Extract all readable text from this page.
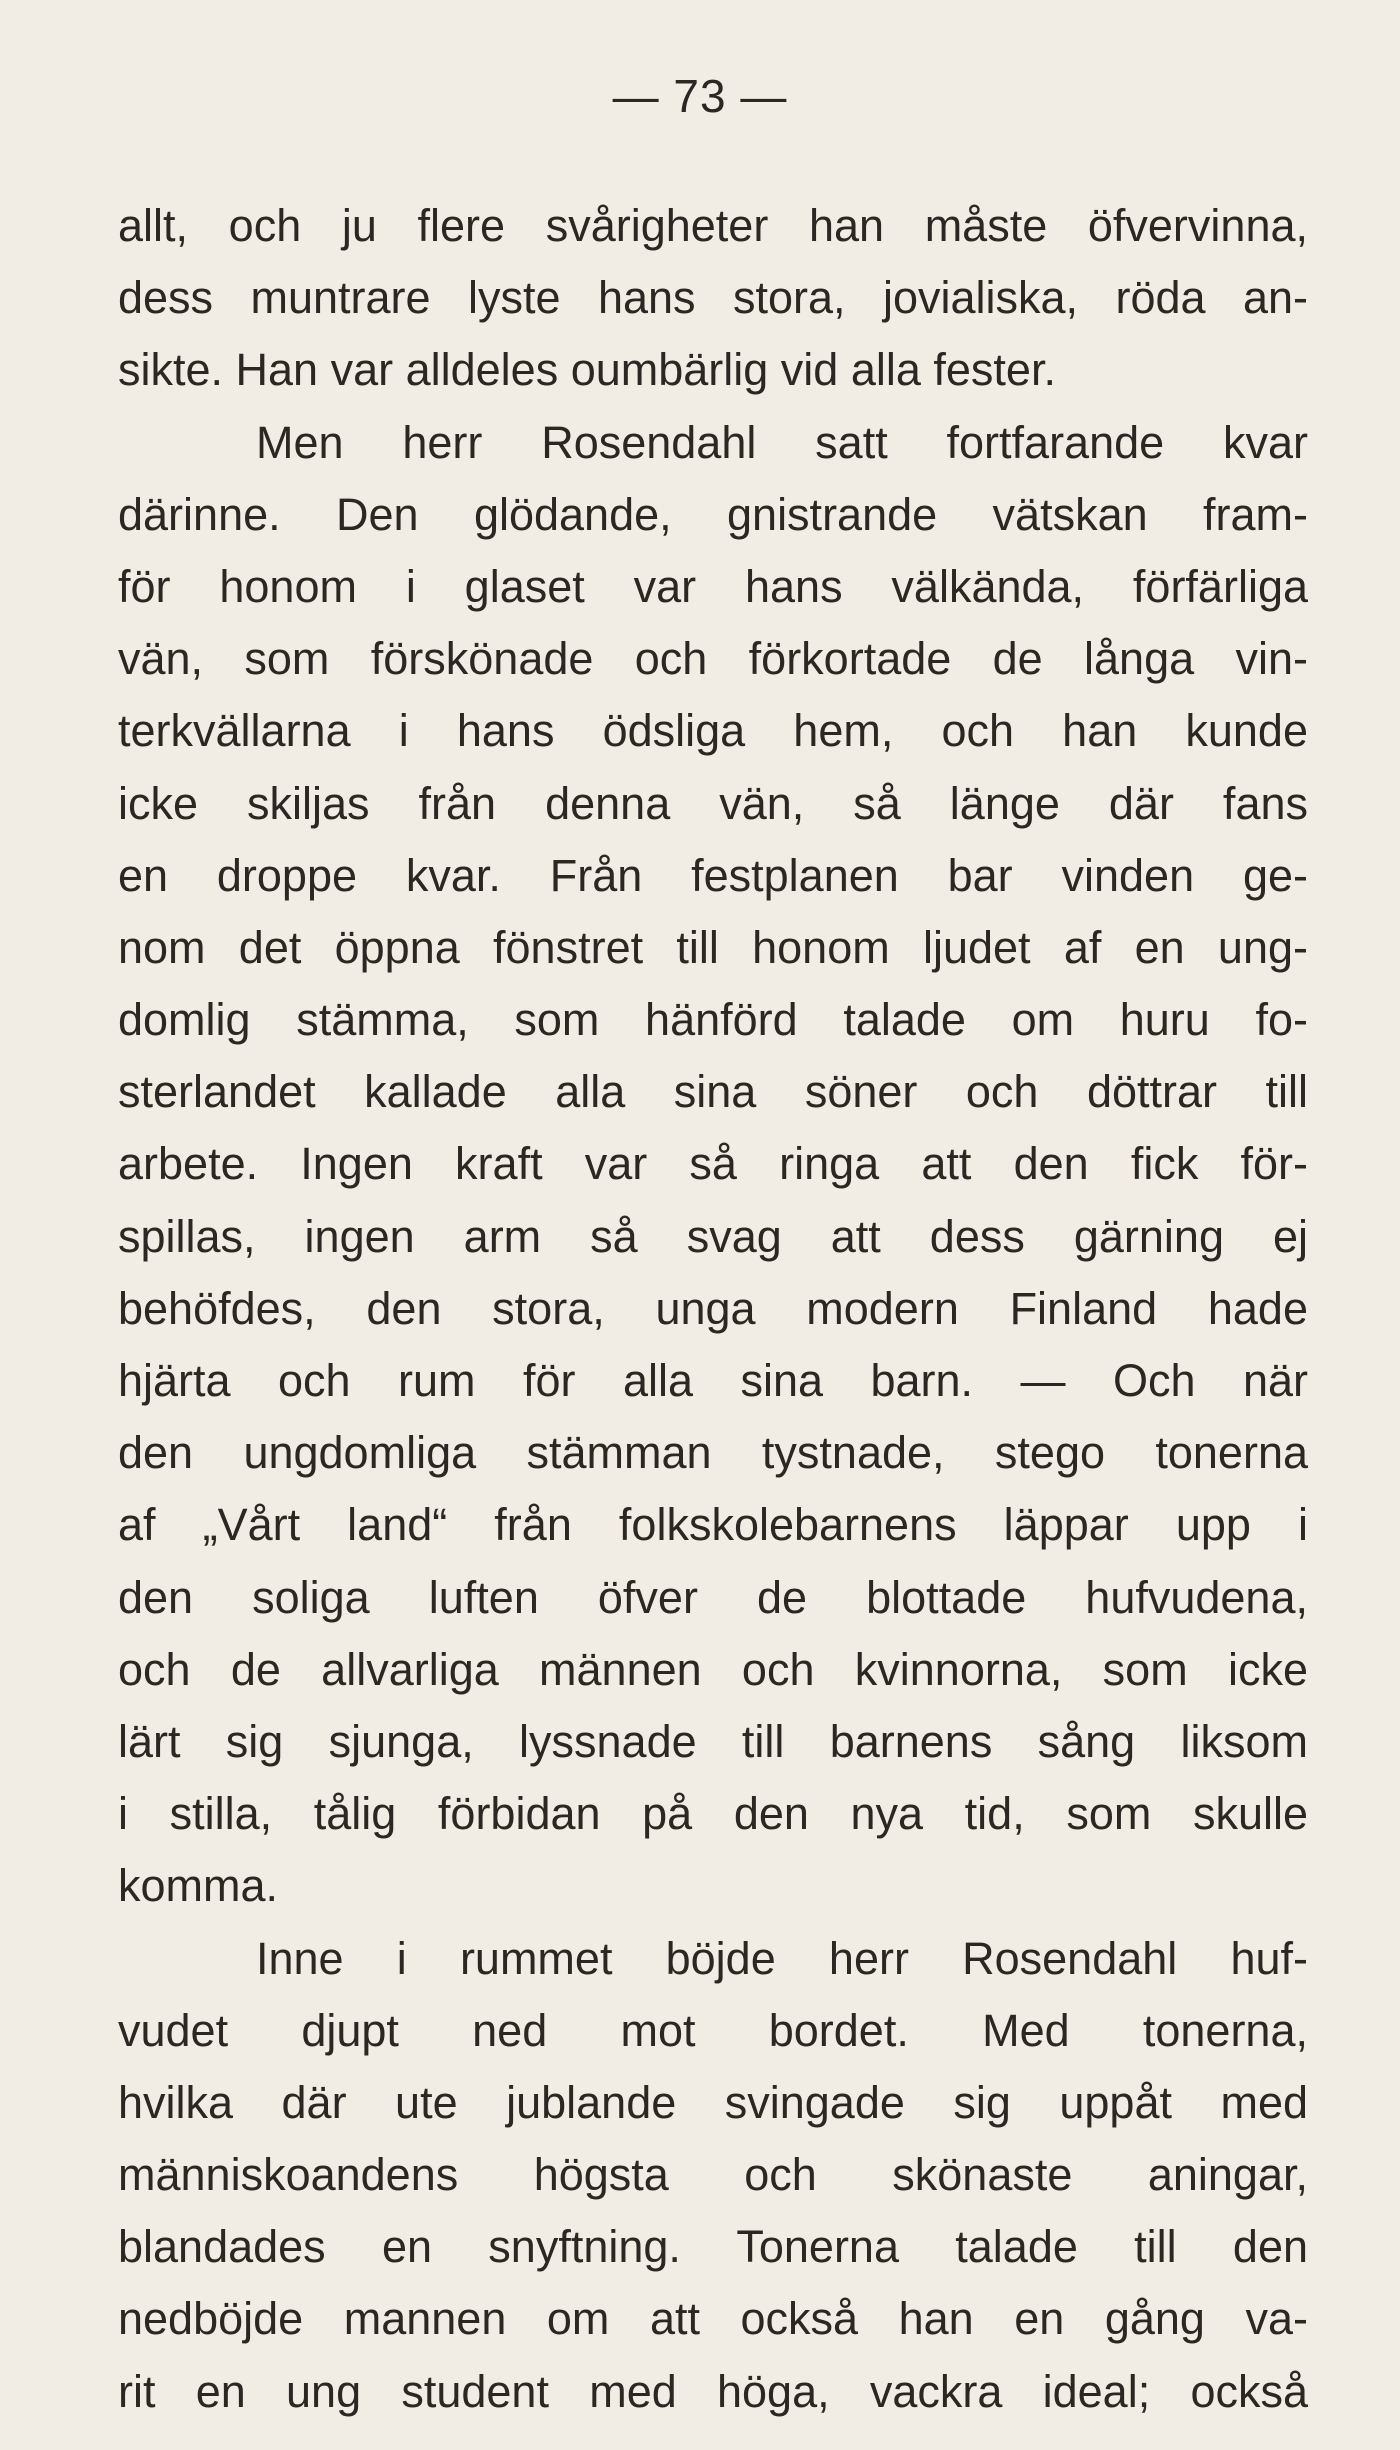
— 73 —
allt, och ju flere svårigheter han måste öfvervinna,
dess muntrare lyste hans stora, jovialiska, röda an-
sikte. Han var alldeles oumbärlig vid alla fester.
Men herr Rosendahl satt fortfarande kvar
därinne. Den glödande, gnistrande vätskan fram-
för honom i glaset var hans välkända, förfärliga
vän, som förskönade och förkortade de långa vin-
terkvällarna i hans ödsliga hem, och han kunde
icke skiljas från denna vän, så länge där fans
en droppe kvar. Från festplanen bar vinden ge-
nom det öppna fönstret till honom ljudet af en ung-
domlig stämma, som hänförd talade om huru fo-
sterlandet kallade alla sina söner och döttrar till
arbete. Ingen kraft var så ringa att den fick för-
spillas, ingen arm så svag att dess gärning ej
behöfdes, den stora, unga modern Finland hade
hjärta och rum för alla sina barn. — Och när
den ungdomliga stämman tystnade, stego tonerna
af „Vårt land“ från folkskolebarnens läppar upp i
den soliga luften öfver de blottade hufvudena,
och de allvarliga männen och kvinnorna, som icke
lärt sig sjunga, lyssnade till barnens sång liksom
i stilla, tålig förbidan på den nya tid, som skulle
komma.
Inne i rummet böjde herr Rosendahl huf-
vudet djupt ned mot bordet. Med tonerna,
hvilka där ute jublande svingade sig uppåt med
människoandens högsta och skönaste aningar,
blandades en snyftning. Tonerna talade till den
nedböjde mannen om att också han en gång va-
rit en ung student med höga, vackra ideal; också
